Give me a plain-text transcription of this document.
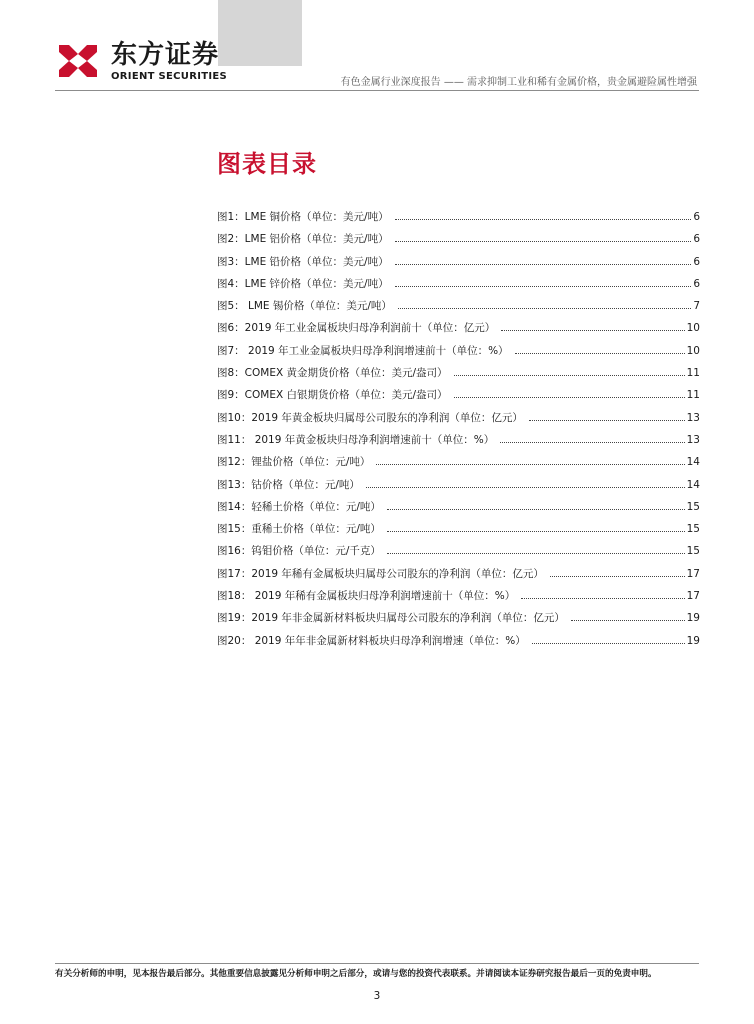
东方证券
ORIENT SECURITIES
有色金属行业深度报告 —— 需求抑制工业和稀有金属价格，贵金属避险属性增强
图表目录
图1：LME 铜价格（单位：美元/吨）	6
图2：LME 铝价格（单位：美元/吨）	6
图3：LME 铅价格（单位：美元/吨）	6
图4：LME 锌价格（单位：美元/吨）	6
图5： LME 锡价格（单位：美元/吨）	7
图6：2019 年工业金属板块归母净利润前十（单位：亿元）	10
图7： 2019 年工业金属板块归母净利润增速前十（单位：%）	10
图8：COMEX 黄金期货价格（单位：美元/盎司）	11
图9：COMEX 白银期货价格（单位：美元/盎司）	11
图10：2019 年黄金板块归属母公司股东的净利润（单位：亿元）	13
图11： 2019 年黄金板块归母净利润增速前十（单位：%）	13
图12：锂盐价格（单位：元/吨）	14
图13：钴价格（单位：元/吨）	14
图14：轻稀土价格（单位：元/吨）	15
图15：重稀土价格（单位：元/吨）	15
图16：钨钼价格（单位：元/千克）	15
图17：2019 年稀有金属板块归属母公司股东的净利润（单位：亿元）	17
图18： 2019 年稀有金属板块归母净利润增速前十（单位：%）	17
图19：2019 年非金属新材料板块归属母公司股东的净利润（单位：亿元）	19
图20： 2019 年年非金属新材料板块归母净利润增速（单位：%）	19
有关分析师的申明，见本报告最后部分。其他重要信息披露见分析师申明之后部分，或请与您的投资代表联系。并请阅读本证券研究报告最后一页的免责申明。
3
